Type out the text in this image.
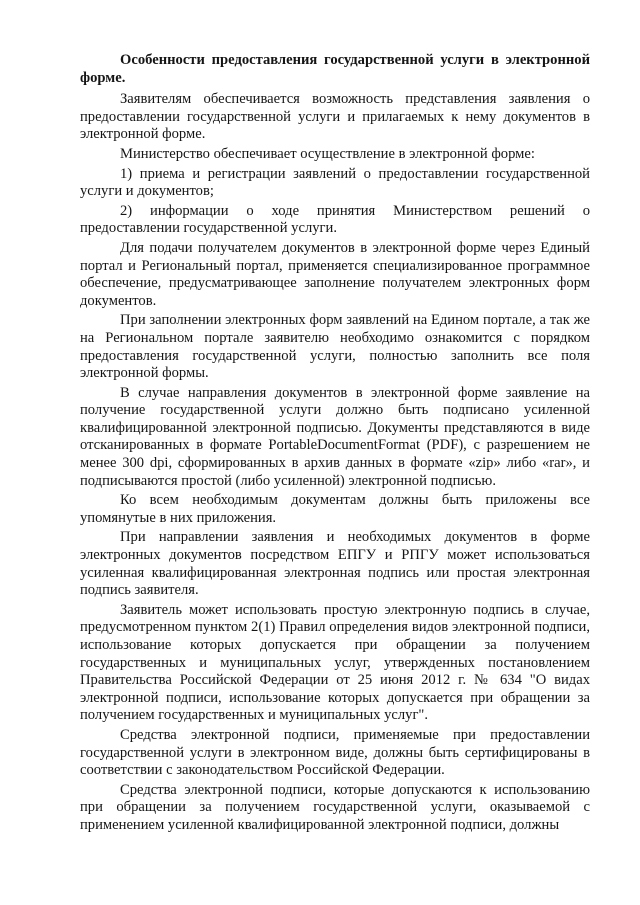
Особенности предоставления государственной услуги в электронной форме.

Заявителям обеспечивается возможность представления заявления о предоставлении государственной услуги и прилагаемых к нему документов в электронной форме.

Министерство обеспечивает осуществление в электронной форме:

1) приема и регистрации заявлений о предоставлении государственной услуги и документов;

2) информации о ходе принятия Министерством решений о предоставлении государственной услуги.

Для подачи получателем документов в электронной форме через Единый портал и Региональный портал, применяется специализированное программное обеспечение, предусматривающее заполнение получателем электронных форм документов.

При заполнении электронных форм заявлений на Едином портале, а так же на Региональном портале заявителю необходимо ознакомится с порядком предоставления государственной услуги, полностью заполнить все поля электронной формы.

В случае направления документов в электронной форме заявление на получение государственной услуги должно быть подписано усиленной квалифицированной электронной подписью. Документы представляются в виде отсканированных в формате PortableDocumentFormat (PDF), с разрешением не менее 300 dpi, сформированных в архив данных в формате «zip» либо «rar», и подписываются простой (либо усиленной) электронной подписью.

Ко всем необходимым документам должны быть приложены все упомянутые в них приложения.

При направлении заявления и необходимых документов в форме электронных документов посредством ЕПГУ и РПГУ может использоваться усиленная квалифицированная электронная подпись или простая электронная подпись заявителя.

Заявитель может использовать простую электронную подпись в случае, предусмотренном пунктом 2(1) Правил определения видов электронной подписи, использование которых допускается при обращении за получением государственных и муниципальных услуг, утвержденных постановлением Правительства Российской Федерации от 25 июня 2012 г. № 634 "О видах электронной подписи, использование которых допускается при обращении за получением государственных и муниципальных услуг".

Средства электронной подписи, применяемые при предоставлении государственной услуги в электронном виде, должны быть сертифицированы в соответствии с законодательством Российской Федерации.

Средства электронной подписи, которые допускаются к использованию при обращении за получением государственной услуги, оказываемой с применением усиленной квалифицированной электронной подписи, должны
